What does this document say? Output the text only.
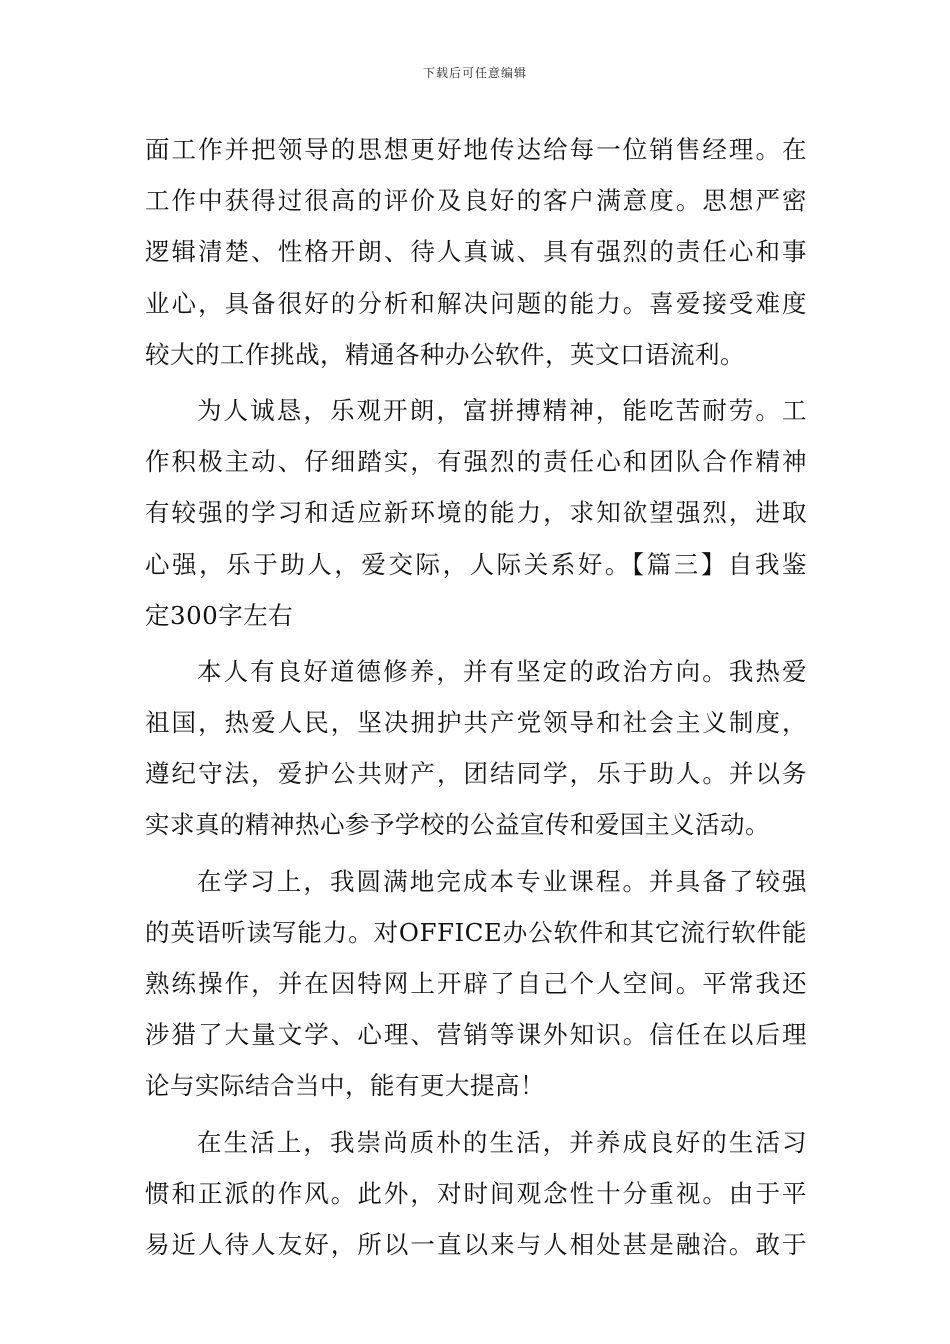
下载后可任意编辑
面工作并把领导的思想更好地传达给每一位销售经理。在
工作中获得过很高的评价及良好的客户满意度。思想严密
逻辑清楚、性格开朗、待人真诚、具有强烈的责任心和事
业心，具备很好的分析和解决问题的能力。喜爱接受难度
较大的工作挑战，精通各种办公软件，英文口语流利。
为人诚恳，乐观开朗，富拼搏精神，能吃苦耐劳。工
作积极主动、仔细踏实，有强烈的责任心和团队合作精神
有较强的学习和适应新环境的能力，求知欲望强烈，进取
心强，乐于助人，爱交际，人际关系好。【篇三】自我鉴
定300字左右
本人有良好道德修养，并有坚定的政治方向。我热爱
祖国，热爱人民，坚决拥护共产党领导和社会主义制度，
遵纪守法，爱护公共财产，团结同学，乐于助人。并以务
实求真的精神热心参予学校的公益宣传和爱国主义活动。
在学习上，我圆满地完成本专业课程。并具备了较强
的英语听读写能力。对OFFICE办公软件和其它流行软件能
熟练操作，并在因特网上开辟了自己个人空间。平常我还
涉猎了大量文学、心理、营销等课外知识。信任在以后理
论与实际结合当中，能有更大提高！
在生活上，我崇尚质朴的生活，并养成良好的生活习
惯和正派的作风。此外，对时间观念性十分重视。由于平
易近人待人友好，所以一直以来与人相处甚是融洽。敢于
